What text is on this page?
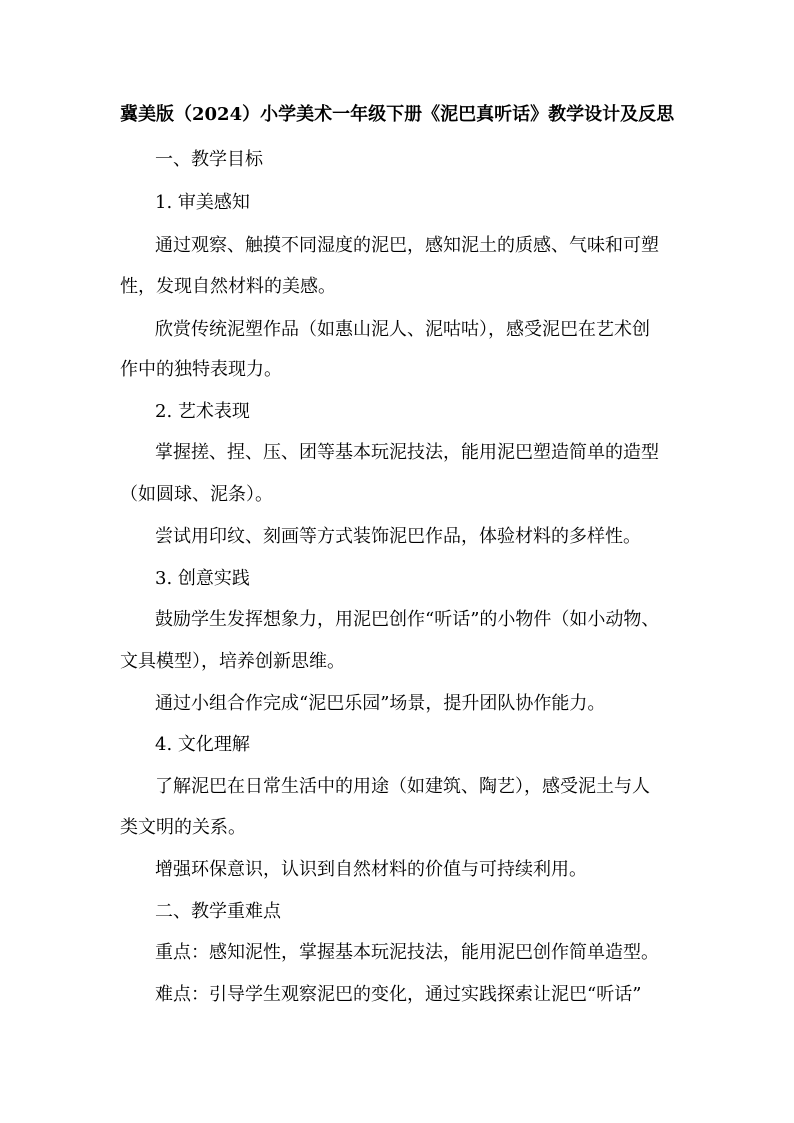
冀美版（2024）小学美术一年级下册《泥巴真听话》教学设计及反思
一、教学目标
1. 审美感知
通过观察、触摸不同湿度的泥巴，感知泥土的质感、气味和可塑
性，发现自然材料的美感。
欣赏传统泥塑作品（如惠山泥人、泥咕咕），感受泥巴在艺术创
作中的独特表现力。
2. 艺术表现
掌握搓、捏、压、团等基本玩泥技法，能用泥巴塑造简单的造型
（如圆球、泥条）。
尝试用印纹、刻画等方式装饰泥巴作品，体验材料的多样性。
3. 创意实践
鼓励学生发挥想象力，用泥巴创作“听话”的小物件（如小动物、
文具模型），培养创新思维。
通过小组合作完成“泥巴乐园”场景，提升团队协作能力。
4. 文化理解
了解泥巴在日常生活中的用途（如建筑、陶艺），感受泥土与人
类文明的关系。
增强环保意识，认识到自然材料的价值与可持续利用。
二、教学重难点
重点：感知泥性，掌握基本玩泥技法，能用泥巴创作简单造型。
难点：引导学生观察泥巴的变化，通过实践探索让泥巴“听话”
